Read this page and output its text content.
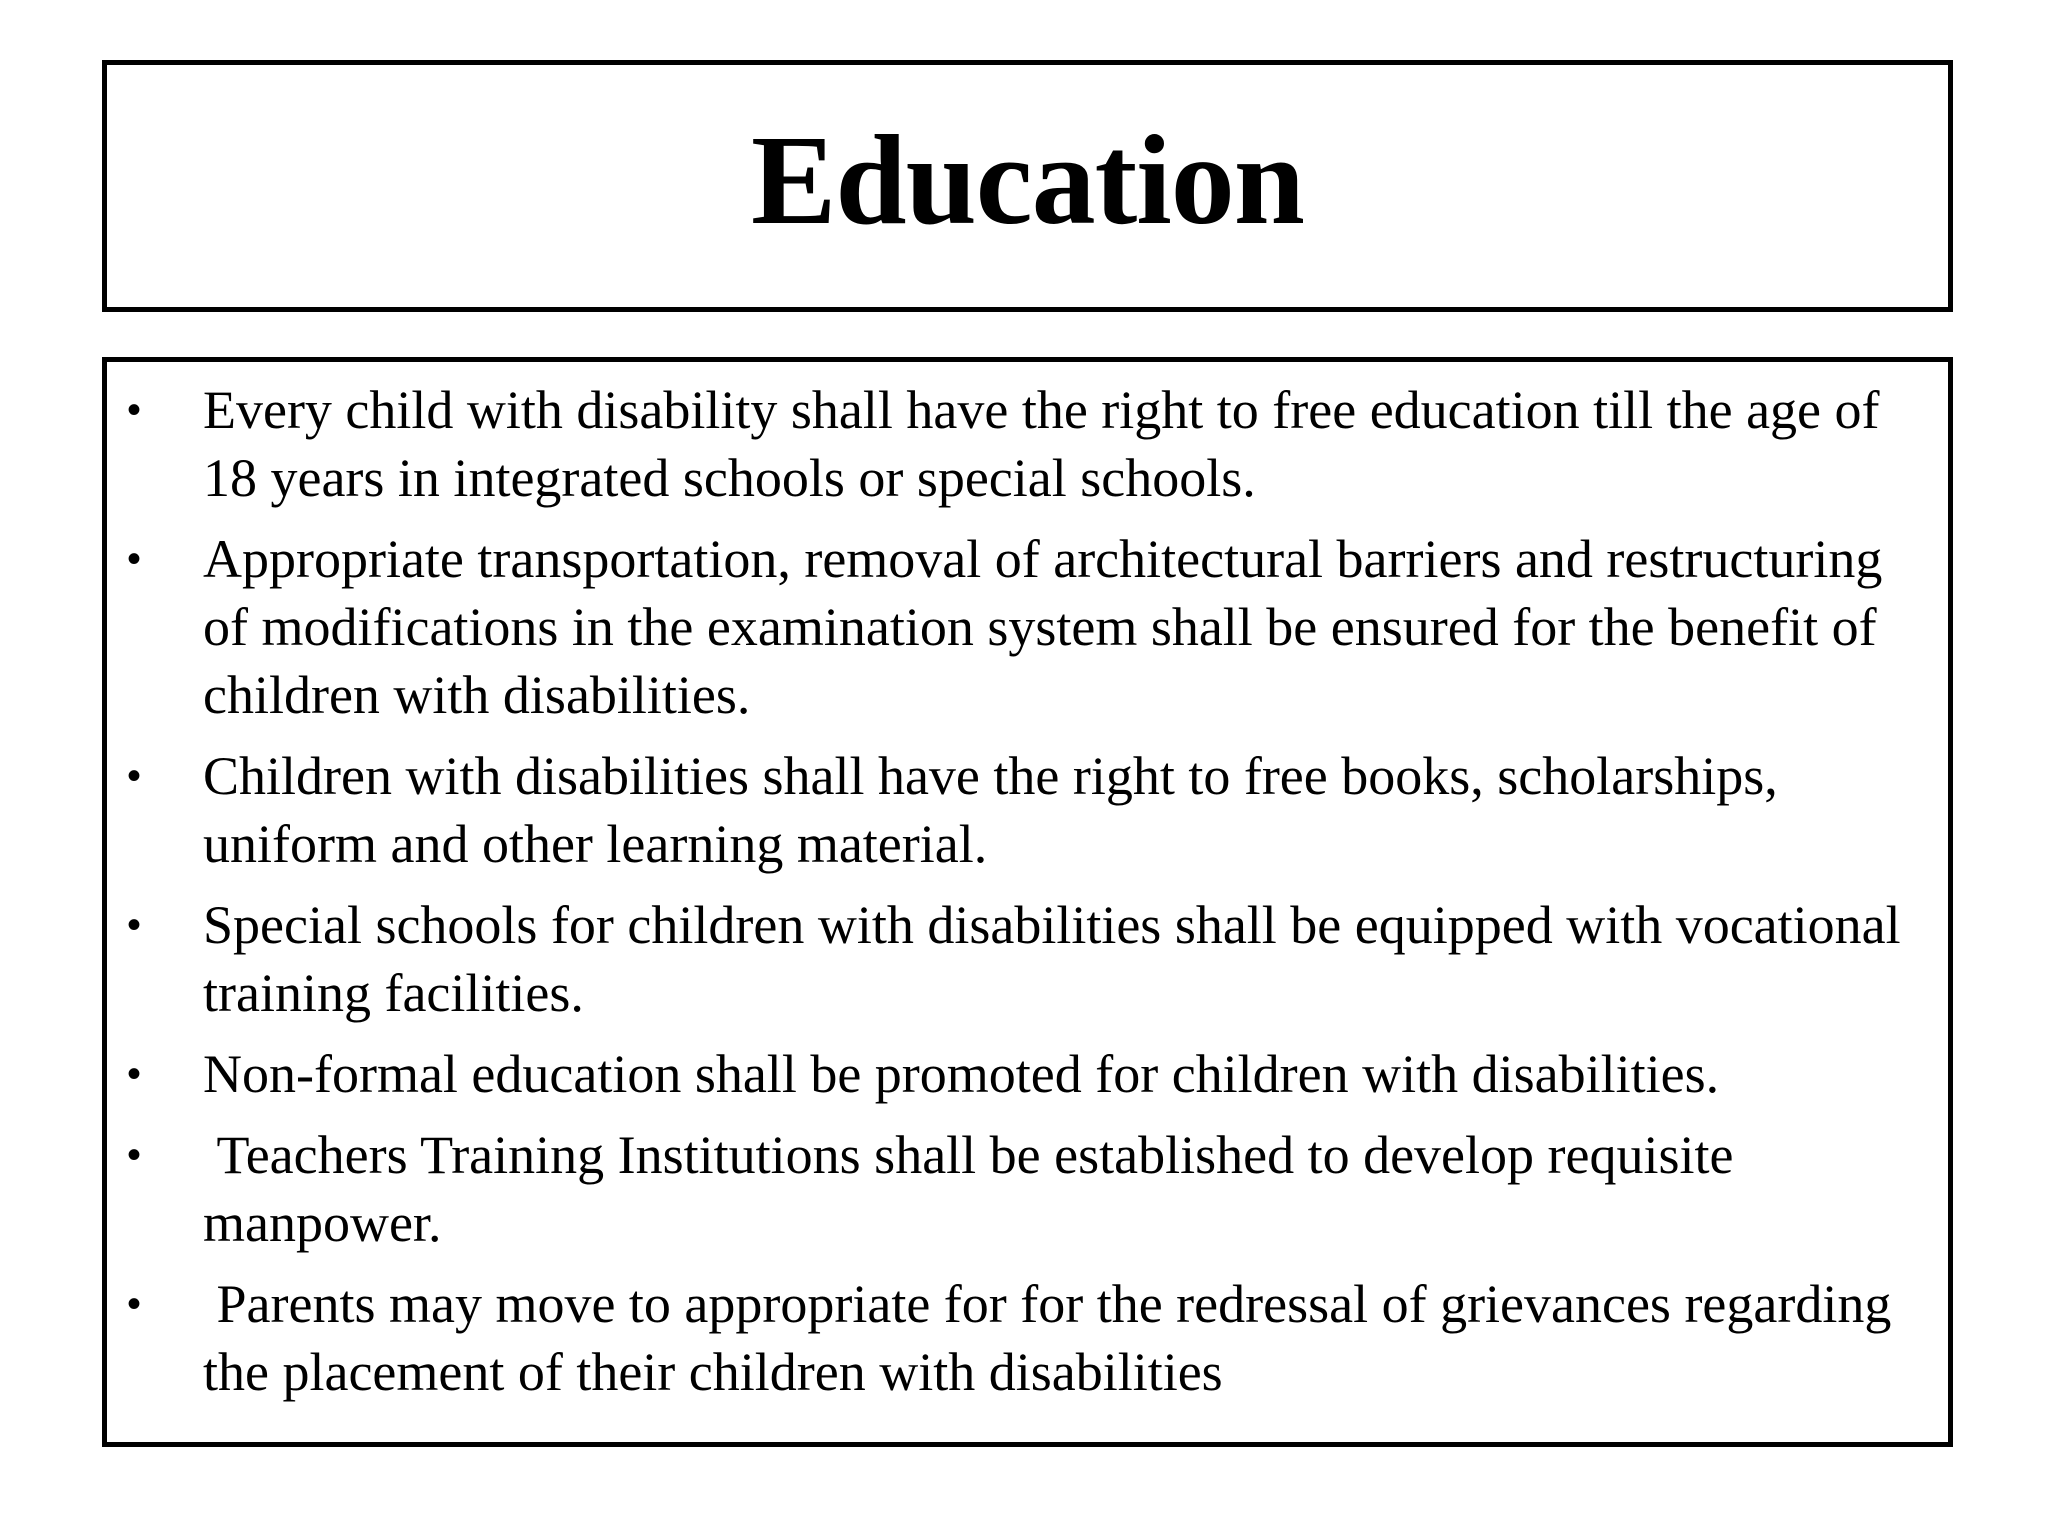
Education
• Every child with disability shall have the right to free education till the age of 18 years in integrated schools or special schools.
• Appropriate transportation, removal of architectural barriers and restructuring of modifications in the examination system shall be ensured for the benefit of children with disabilities.
• Children with disabilities shall have the right to free books, scholarships, uniform and other learning material.
• Special schools for children with disabilities shall be equipped with vocational training facilities.
• Non-formal education shall be promoted for children with disabilities.
• Teachers Training Institutions shall be established to develop requisite manpower.
• Parents may move to appropriate for for the redressal of grievances regarding the placement of their children with disabilities
